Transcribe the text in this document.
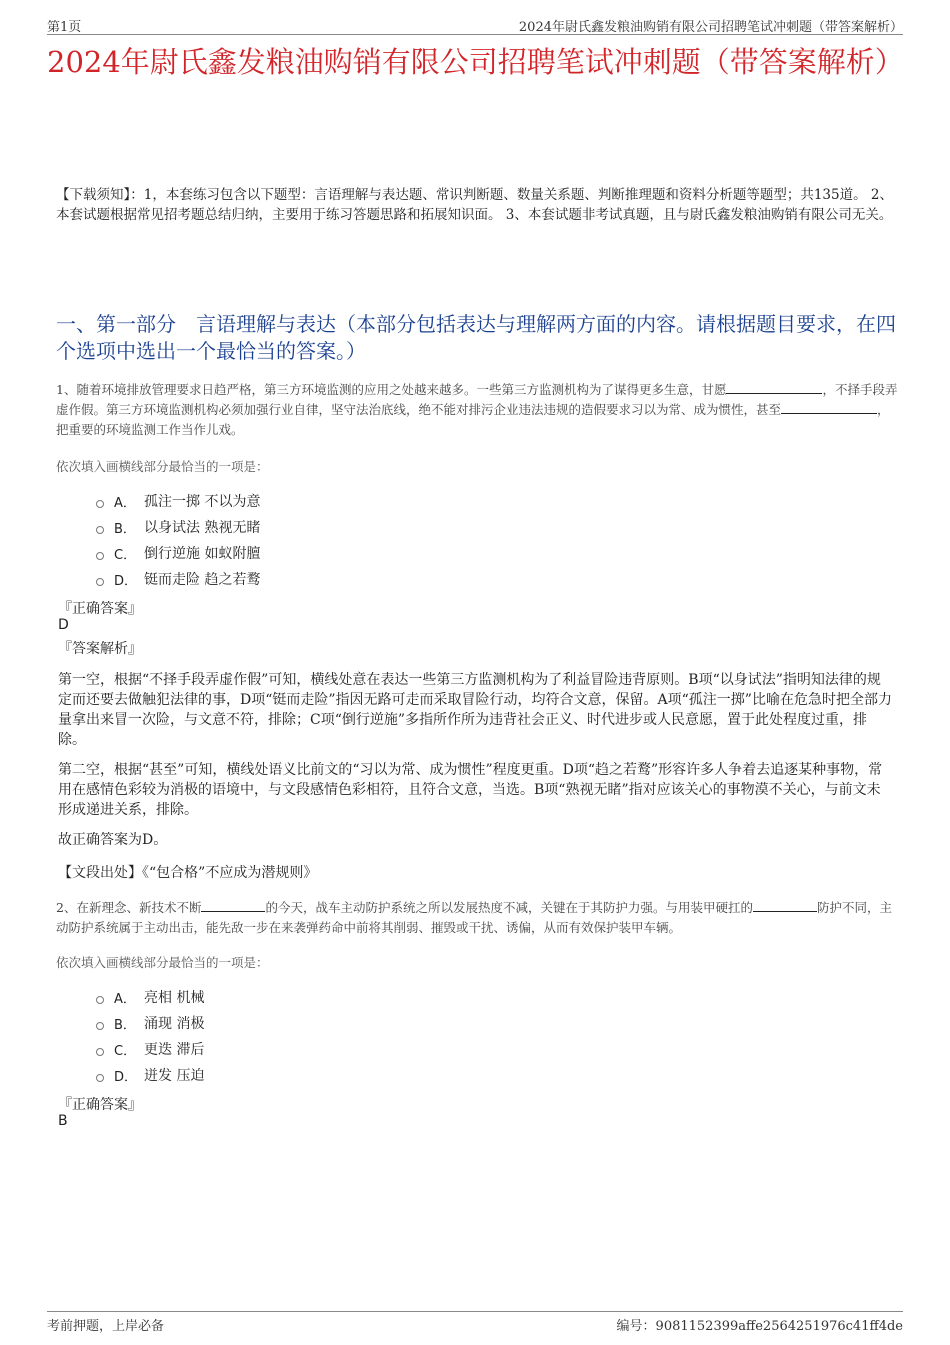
第1页	2024年尉氏鑫发粮油购销有限公司招聘笔试冲刺题（带答案解析）
2024年尉氏鑫发粮油购销有限公司招聘笔试冲刺题（带答案解析）

【下载须知】：1，本套练习包含以下题型：言语理解与表达题、常识判断题、数量关系题、判断推理题和资料分析题等题型；共135道。 2、本套试题根据常见招考题总结归纳，主要用于练习答题思路和拓展知识面。 3、本套试题非考试真题，且与尉氏鑫发粮油购销有限公司无关。

一、第一部分　言语理解与表达（本部分包括表达与理解两方面的内容。请根据题目要求，在四个选项中选出一个最恰当的答案。）

1、随着环境排放管理要求日趋严格，第三方环境监测的应用之处越来越多。一些第三方监测机构为了谋得更多生意，甘愿	，不择手段弄虚作假。第三方环境监测机构必须加强行业自律，坚守法治底线，绝不能对排污企业违法违规的造假要求习以为常、成为惯性，甚至	，把重要的环境监测工作当作儿戏。

依次填入画横线部分最恰当的一项是：

A． 孤注一掷 不以为意
B． 以身试法 熟视无睹
C． 倒行逆施 如蚁附膻
D． 铤而走险 趋之若鹜

『正确答案』

D

『答案解析』

第一空，根据“不择手段弄虚作假”可知，横线处意在表达一些第三方监测机构为了利益冒险违背原则。B项“以身试法”指明知法律的规定而还要去做触犯法律的事，D项“铤而走险”指因无路可走而采取冒险行动，均符合文意，保留。A项“孤注一掷”比喻在危急时把全部力量拿出来冒一次险，与文意不符，排除；C项“倒行逆施”多指所作所为违背社会正义、时代进步或人民意愿，置于此处程度过重，排除。

第二空，根据“甚至”可知，横线处语义比前文的“习以为常、成为惯性”程度更重。D项“趋之若鹜”形容许多人争着去追逐某种事物，常用在感情色彩较为消极的语境中，与文段感情色彩相符，且符合文意，当选。B项“熟视无睹”指对应该关心的事物漠不关心，与前文未形成递进关系，排除。

故正确答案为D。

【文段出处】《“包合格”不应成为潜规则》

2、在新理念、新技术不断	的今天，战车主动防护系统之所以发展热度不减，关键在于其防护力强。与用装甲硬扛的	防护不同，主动防护系统属于主动出击，能先敌一步在来袭弹药命中前将其削弱、摧毁或干扰、诱偏，从而有效保护装甲车辆。

依次填入画横线部分最恰当的一项是：

A． 亮相 机械
B． 涌现 消极
C． 更迭 滞后
D． 迸发 压迫

『正确答案』

B

考前押题，上岸必备	编号：9081152399affe2564251976c41ff4de
